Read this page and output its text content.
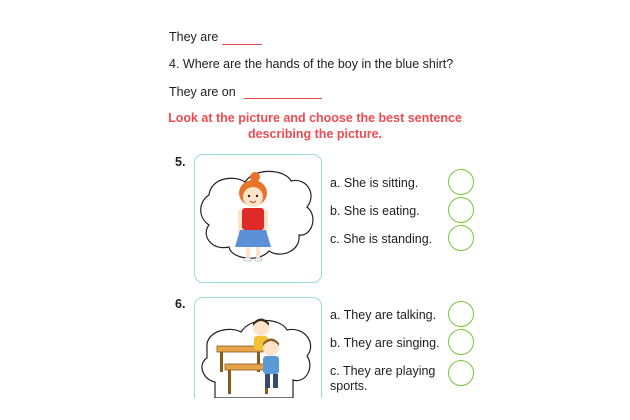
They are
4. Where are the hands of the boy in the blue shirt?
They are on
Look at the picture and choose the best sentence
describing the picture.
5.
a. She is sitting.
b. She is eating.
c. She is standing.
6.
a. They are talking.
b. They are singing.
c. They are playing sports.
